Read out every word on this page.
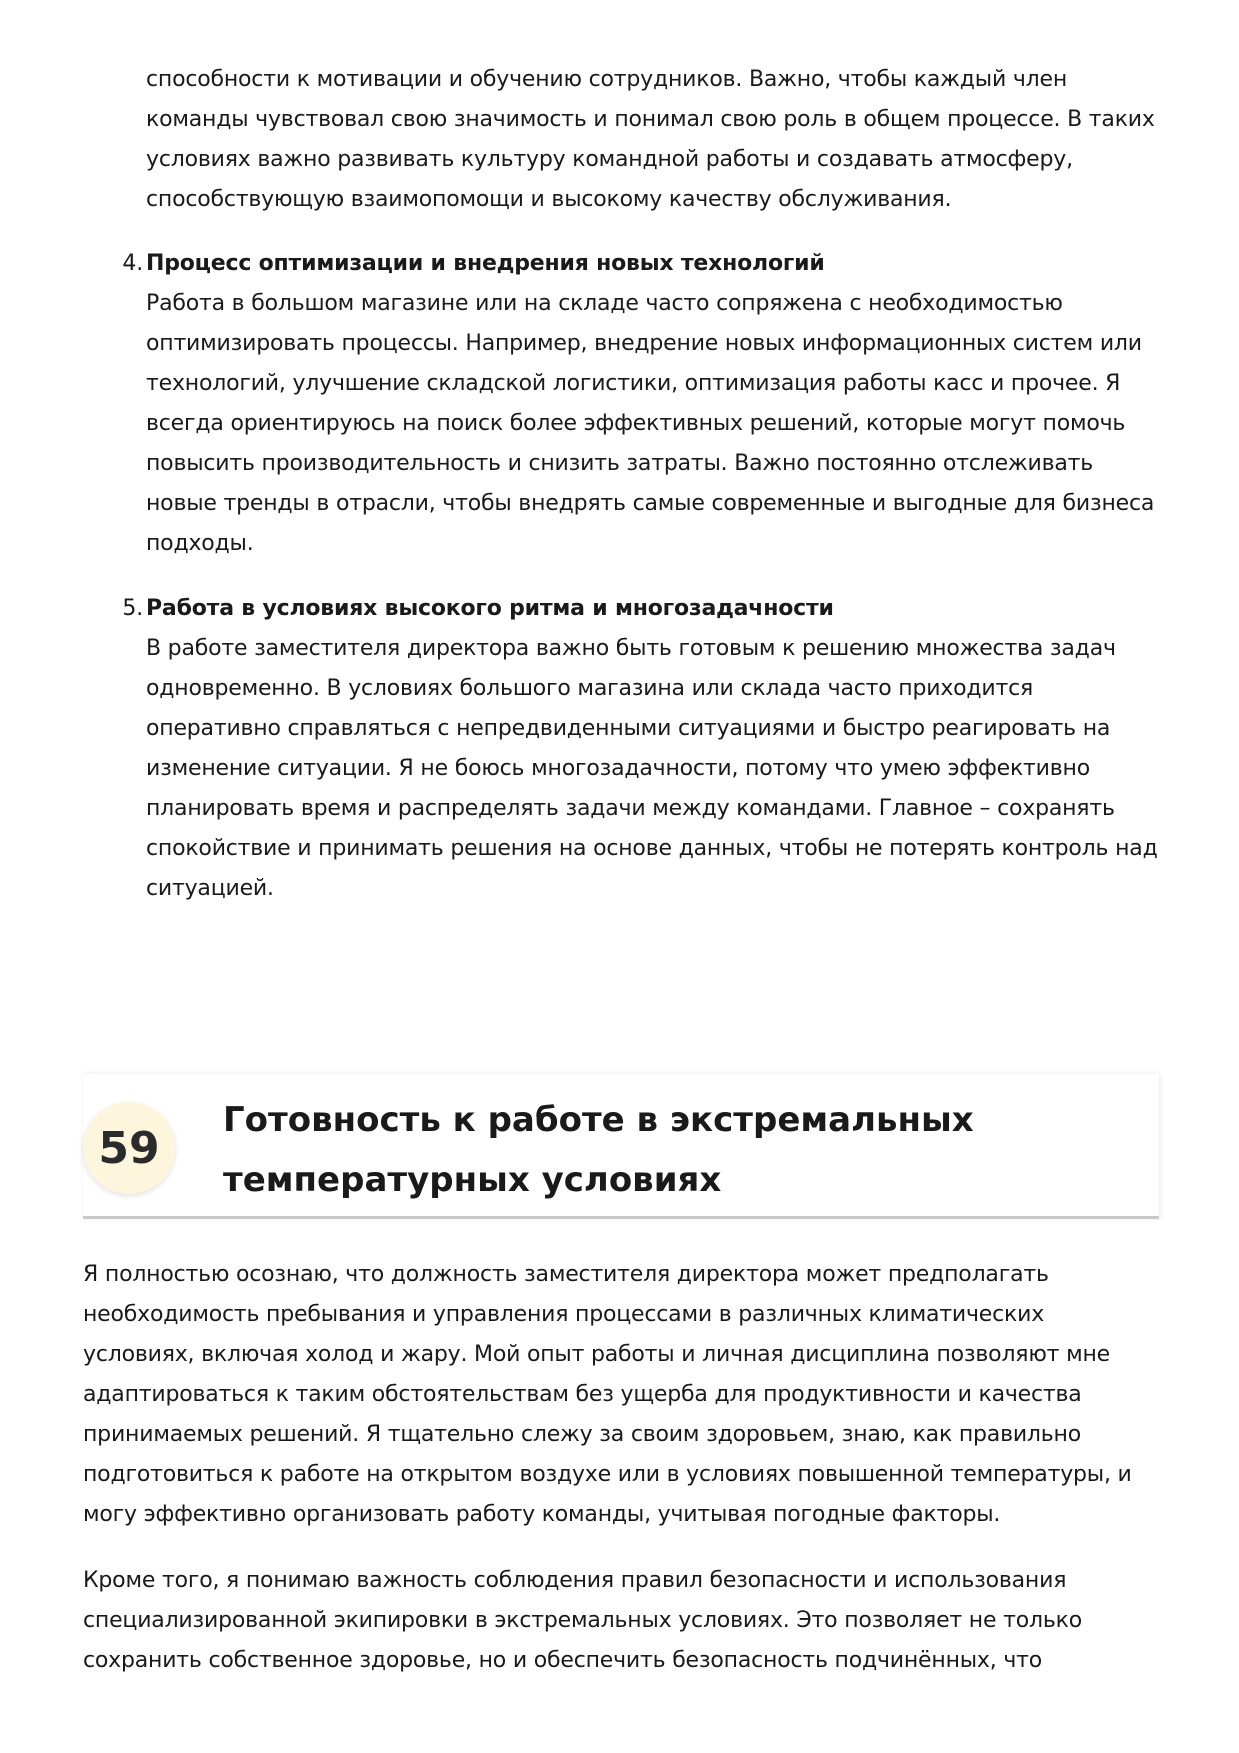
способности к мотивации и обучению сотрудников. Важно, чтобы каждый член команды чувствовал свою значимость и понимал свою роль в общем процессе. В таких условиях важно развивать культуру командной работы и создавать атмосферу, способствующую взаимопомощи и высокому качеству обслуживания.
4. Процесс оптимизации и внедрения новых технологий
Работа в большом магазине или на складе часто сопряжена с необходимостью оптимизировать процессы. Например, внедрение новых информационных систем или технологий, улучшение складской логистики, оптимизация работы касс и прочее. Я всегда ориентируюсь на поиск более эффективных решений, которые могут помочь повысить производительность и снизить затраты. Важно постоянно отслеживать новые тренды в отрасли, чтобы внедрять самые современные и выгодные для бизнеса подходы.
5. Работа в условиях высокого ритма и многозадачности
В работе заместителя директора важно быть готовым к решению множества задач одновременно. В условиях большого магазина или склада часто приходится оперативно справляться с непредвиденными ситуациями и быстро реагировать на изменение ситуации. Я не боюсь многозадачности, потому что умею эффективно планировать время и распределять задачи между командами. Главное – сохранять спокойствие и принимать решения на основе данных, чтобы не потерять контроль над ситуацией.
59
Готовность к работе в экстремальных температурных условиях
Я полностью осознаю, что должность заместителя директора может предполагать необходимость пребывания и управления процессами в различных климатических условиях, включая холод и жару. Мой опыт работы и личная дисциплина позволяют мне адаптироваться к таким обстоятельствам без ущерба для продуктивности и качества принимаемых решений. Я тщательно слежу за своим здоровьем, знаю, как правильно подготовиться к работе на открытом воздухе или в условиях повышенной температуры, и могу эффективно организовать работу команды, учитывая погодные факторы.
Кроме того, я понимаю важность соблюдения правил безопасности и использования специализированной экипировки в экстремальных условиях. Это позволяет не только сохранить собственное здоровье, но и обеспечить безопасность подчинённых, что
